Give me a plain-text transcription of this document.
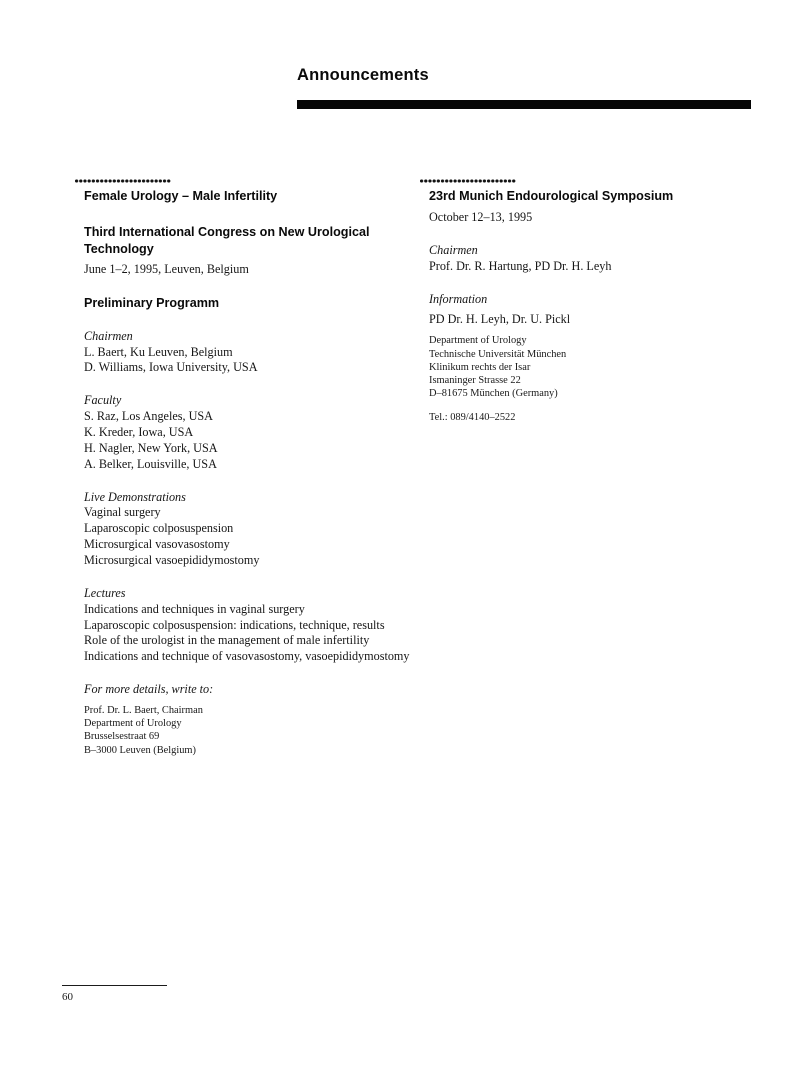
Announcements
Female Urology – Male Infertility
Third International Congress on New Urological Technology
June 1–2, 1995, Leuven, Belgium
Preliminary Programm
Chairmen
L. Baert, Ku Leuven, Belgium
D. Williams, Iowa University, USA
Faculty
S. Raz, Los Angeles, USA
K. Kreder, Iowa, USA
H. Nagler, New York, USA
A. Belker, Louisville, USA
Live Demonstrations
Vaginal surgery
Laparoscopic colposuspension
Microsurgical vasovasostomy
Microsurgical vasoepididymostomy
Lectures
Indications and techniques in vaginal surgery
Laparoscopic colposuspension: indications, technique, results
Role of the urologist in the management of male infertility
Indications and technique of vasovasostomy, vasoepididymostomy
For more details, write to:
Prof. Dr. L. Baert, Chairman
Department of Urology
Brusselsestraat 69
B–3000 Leuven (Belgium)
23rd Munich Endourological Symposium
October 12–13, 1995
Chairmen
Prof. Dr. R. Hartung, PD Dr. H. Leyh
Information
PD Dr. H. Leyh, Dr. U. Pickl
Department of Urology
Technische Universität München
Klinikum rechts der Isar
Ismaninger Strasse 22
D–81675 München (Germany)
Tel.: 089/4140–2522
60
